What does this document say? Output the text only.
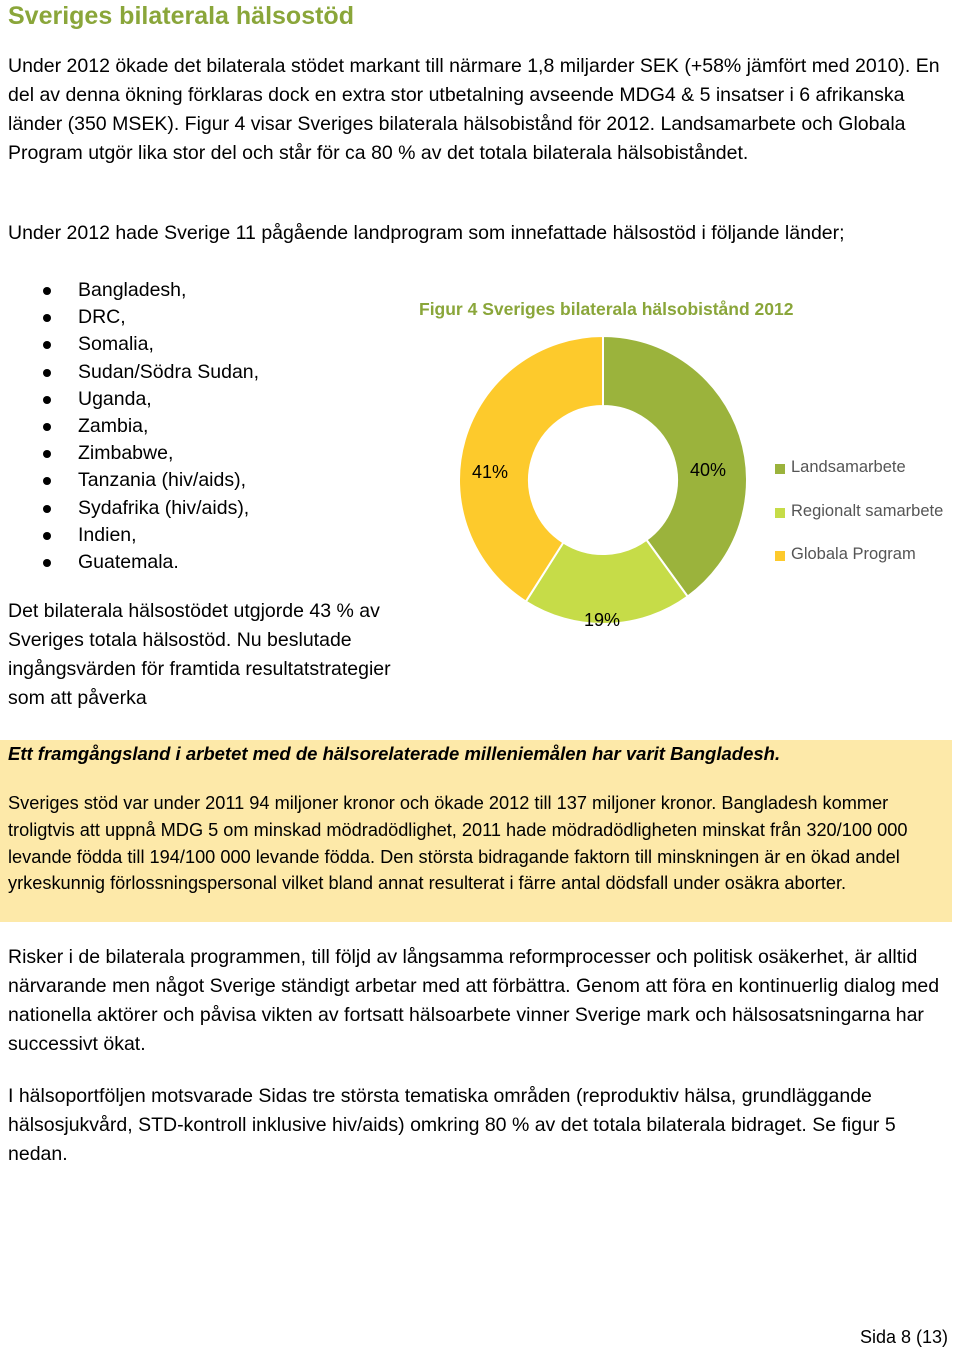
Sveriges bilaterala hälsostöd

Under 2012 ökade det bilaterala stödet markant till närmare 1,8 miljarder SEK (+58% jämfört med 2010). En del av denna ökning förklaras dock en extra stor utbetalning avseende MDG4 & 5 insatser i 6 afrikanska länder (350 MSEK). Figur 4 visar Sveriges bilaterala hälsobistånd för 2012. Landsamarbete och Globala Program utgör lika stor del och står för ca 80 % av det totala bilaterala hälsobiståndet.

Under 2012 hade Sverige 11 pågående landprogram som innefattade hälsostöd i följande länder;

Bangladesh,
DRC,
Somalia,
Sudan/Södra Sudan,
Uganda,
Zambia,
Zimbabwe,
Tanzania (hiv/aids),
Sydafrika (hiv/aids),
Indien,
Guatemala.
Figur 4 Sveriges bilaterala hälsobistånd 2012
41%	40%
19%
Landsamarbete
Regionalt samarbete
Globala Program

Det bilaterala hälsostödet utgjorde 43 % av Sveriges totala hälsostöd. Nu beslutade ingångsvärden för framtida resultatstrategier som att påverka

Ett framgångsland i arbetet med de hälsorelaterade milleniemålen har varit Bangladesh.

Sveriges stöd var under 2011 94 miljoner kronor och ökade 2012 till 137 miljoner kronor. Bangladesh kommer troligtvis att uppnå MDG 5 om minskad mödradödlighet, 2011 hade mödradödligheten minskat från 320/100 000 levande födda till 194/100 000 levande födda. Den största bidragande faktorn till minskningen är en ökad andel yrkeskunnig förlossningspersonal vilket bland annat resulterat i färre antal dödsfall under osäkra aborter.

Risker i de bilaterala programmen, till följd av långsamma reformprocesser och politisk osäkerhet, är alltid närvarande men något Sverige ständigt arbetar med att förbättra. Genom att föra en kontinuerlig dialog med nationella aktörer och påvisa vikten av fortsatt hälsoarbete vinner Sverige mark och hälsosatsningarna har successivt ökat.

I hälsoportföljen motsvarade Sidas tre största tematiska områden (reproduktiv hälsa, grundläggande hälsosjukvård, STD-kontroll inklusive hiv/aids) omkring 80 % av det totala bilaterala bidraget. Se figur 5 nedan.

Sida 8 (13)
